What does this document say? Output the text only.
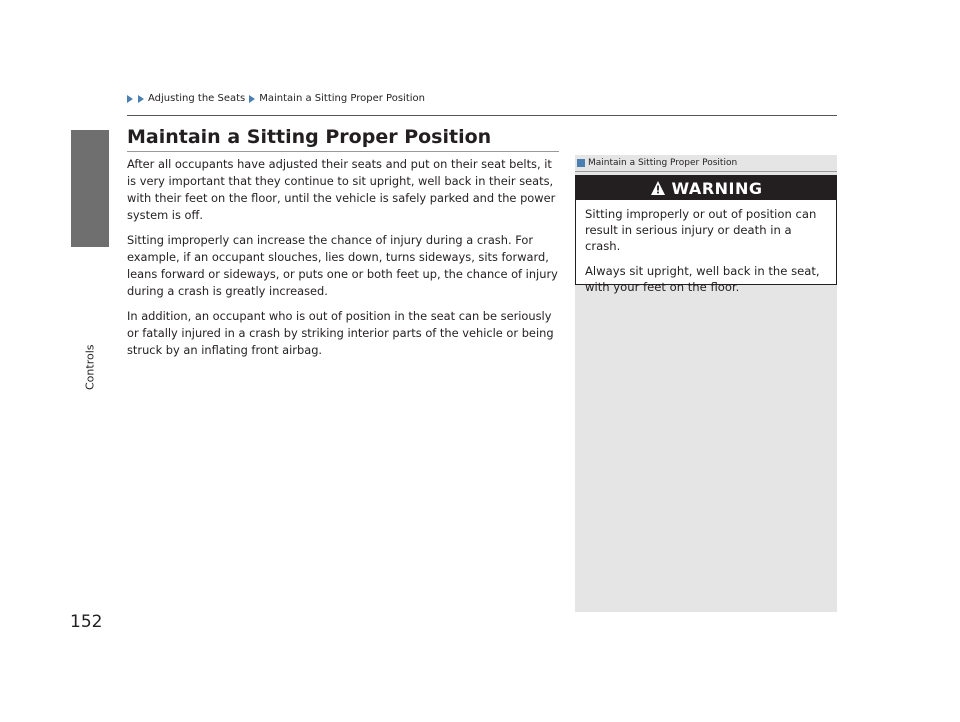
Controls
Adjusting the Seats Maintain a Sitting Proper Position
Maintain a Sitting Proper Position

After all occupants have adjusted their seats and put on their seat belts, it is very important that they continue to sit upright, well back in their seats, with their feet on the floor, until the vehicle is safely parked and the power system is off.

Sitting improperly can increase the chance of injury during a crash. For example, if an occupant slouches, lies down, turns sideways, sits forward, leans forward or sideways, or puts one or both feet up, the chance of injury during a crash is greatly increased.

In addition, an occupant who is out of position in the seat can be seriously or fatally injured in a crash by striking interior parts of the vehicle or being struck by an inflating front airbag.

Maintain a Sitting Proper Position
WARNING

Sitting improperly or out of position can result in serious injury or death in a crash.

Always sit upright, well back in the seat, with your feet on the floor.

152
